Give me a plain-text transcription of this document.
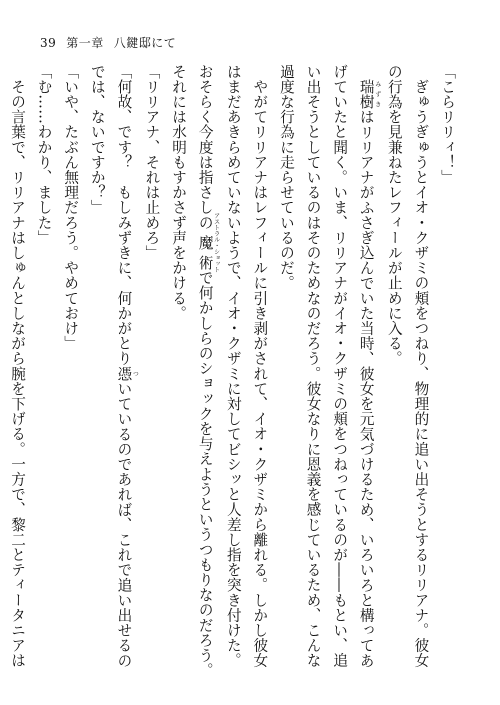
39 第一章 八鍵邸にて
「こらリリィ！」
　ぎゅうぎゅうとイオ・クザミの頬をつねり、物理的に追い出そうとするリリアナ。彼女
の行為を見兼ねたレフィールが止めに入る。
　瑞樹 みずきはリリアナがふさぎ込んでいた当時、彼女を元気づけるため、いろいろと構ってあ
げていたと聞く。いま、リリアナがイオ・クザミの頬をつねっているのが――もとい、追
い出そうとしているのはそのためなのだろう。彼女なりに恩義を感じているため、こんな
過度な行為に走らせているのだ。
　やがてリリアナはレフィールに引き剥がされて、イオ・クザミから離れる。しかし彼女
はまだあきらめていないようで、イオ・クザミに対してビシッと人差し指を突き付けた。
おそらく今度は指さしの魔術 アストラル・ショットで何かしらのショックを与えようというつもりなのだろう。
それには水明もすかさず声をかける。
「リリアナ、それは止めろ」
「何故、です？　もしみずきに、何かがとり憑 ついているのであれば、これで追い出せるの
では、ないですか？」
「いや、たぶん無理だろう。やめておけ」
「む……わかり、ました」
　その言葉で、リリアナはしゅんとしながら腕を下げる。一方で、黎二とティータニアは
